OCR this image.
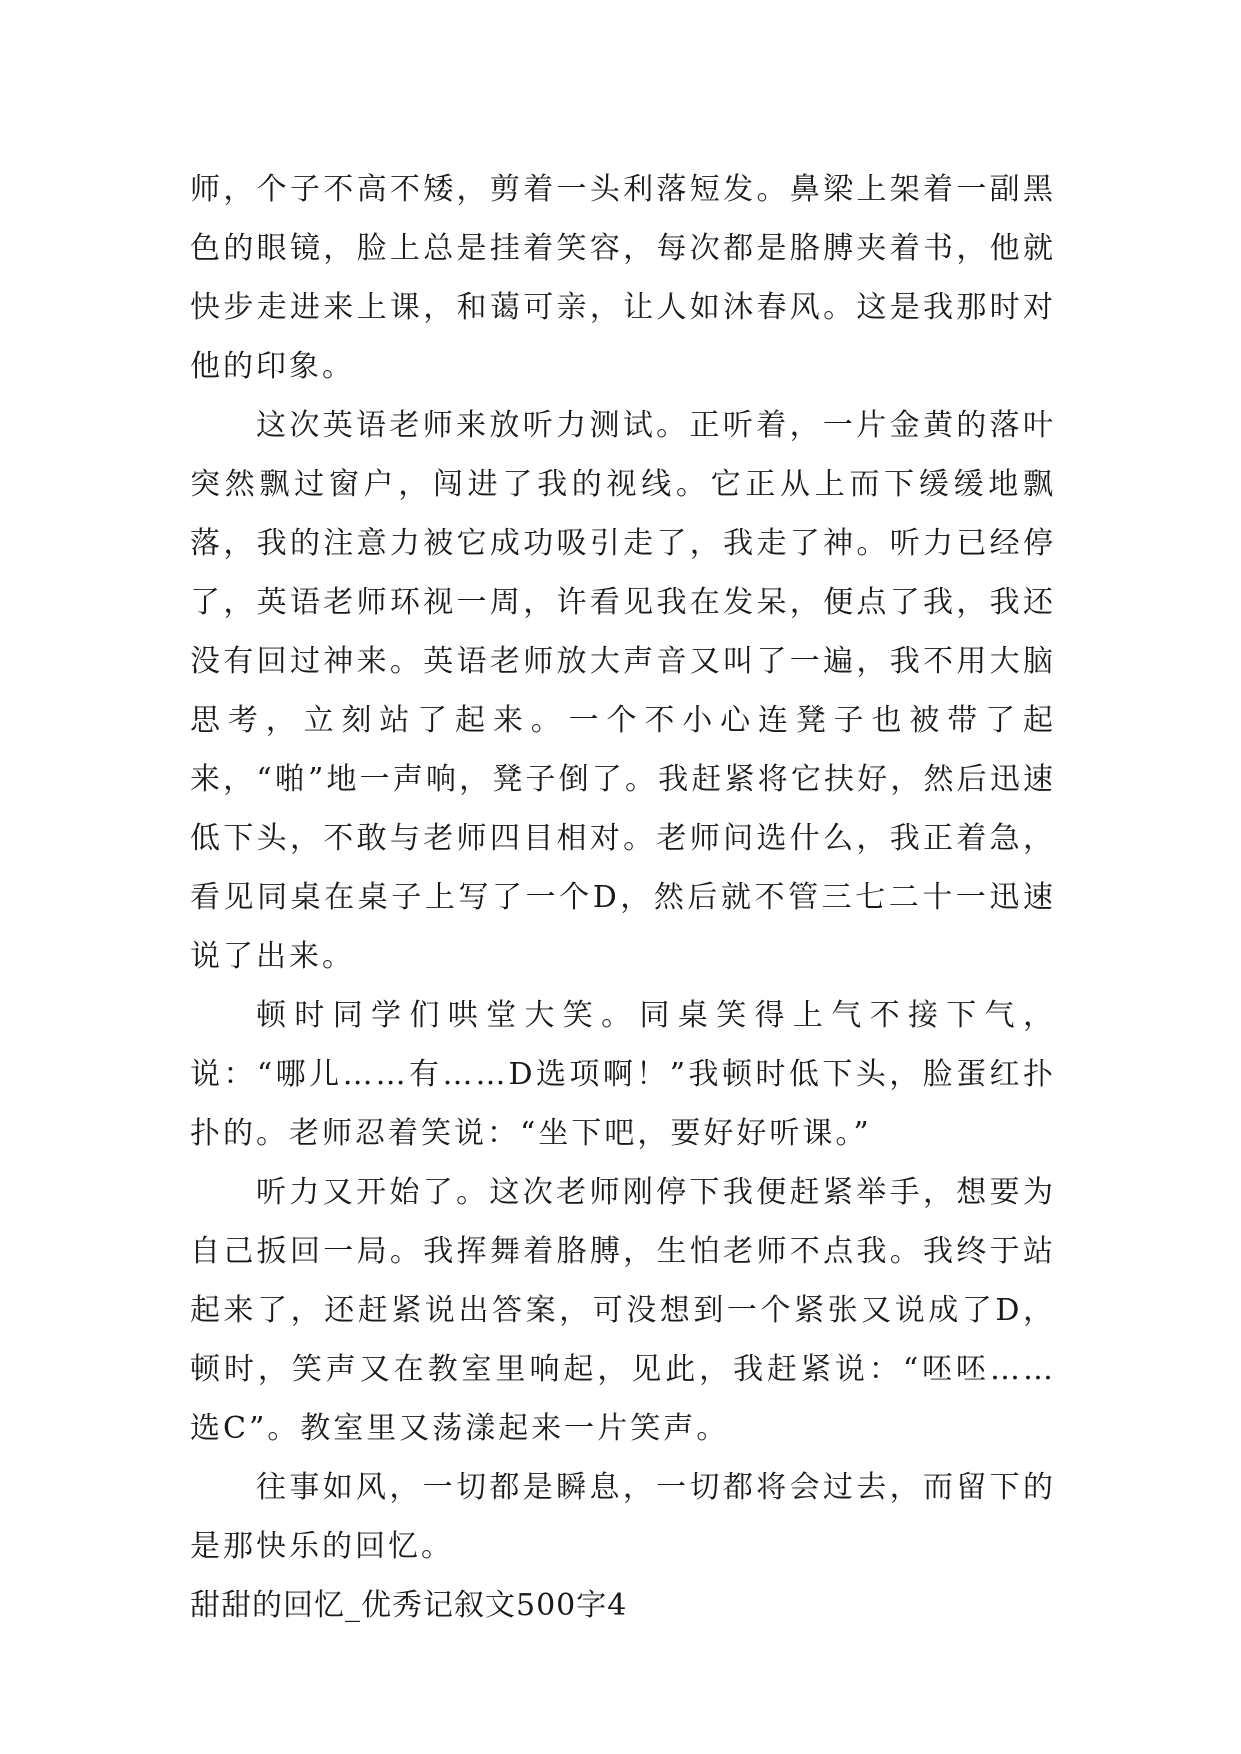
师，个子不高不矮，剪着一头利落短发。鼻梁上架着一副黑色的眼镜，脸上总是挂着笑容，每次都是胳膊夹着书，他就快步走进来上课，和蔼可亲，让人如沐春风。这是我那时对他的印象。

这次英语老师来放听力测试。正听着，一片金黄的落叶突然飘过窗户，闯进了我的视线。它正从上而下缓缓地飘落，我的注意力被它成功吸引走了，我走了神。听力已经停了，英语老师环视一周，许看见我在发呆，便点了我，我还没有回过神来。英语老师放大声音又叫了一遍，我不用大脑思考，立刻站了起来。一个不小心连凳子也被带了起来，“啪”地一声响，凳子倒了。我赶紧将它扶好，然后迅速低下头，不敢与老师四目相对。老师问选什么，我正着急，看见同桌在桌子上写了一个D，然后就不管三七二十一迅速说了出来。

顿时同学们哄堂大笑。同桌笑得上气不接下气，说：“哪儿……有……D选项啊！”我顿时低下头，脸蛋红扑扑的。老师忍着笑说：“坐下吧，要好好听课。”

听力又开始了。这次老师刚停下我便赶紧举手，想要为自己扳回一局。我挥舞着胳膊，生怕老师不点我。我终于站起来了，还赶紧说出答案，可没想到一个紧张又说成了D，顿时，笑声又在教室里响起，见此，我赶紧说：“呸呸……选C”。教室里又荡漾起来一片笑声。

往事如风，一切都是瞬息，一切都将会过去，而留下的是那快乐的回忆。

甜甜的回忆_优秀记叙文500字4
